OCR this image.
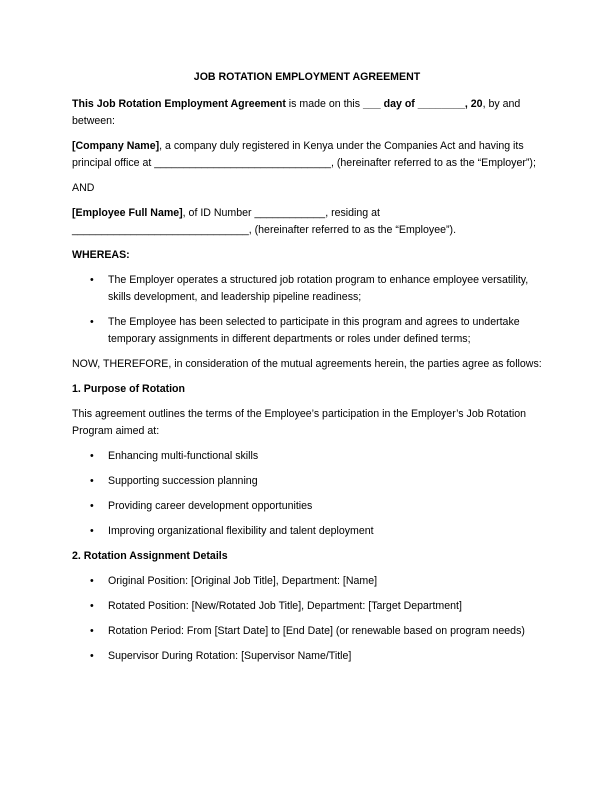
JOB ROTATION EMPLOYMENT AGREEMENT

This Job Rotation Employment Agreement is made on this ___ day of ________, 20, by and between:

[Company Name], a company duly registered in Kenya under the Companies Act and having its principal office at ______________________________, (hereinafter referred to as the “Employer”);

AND

[Employee Full Name], of ID Number ____________, residing at ______________________________, (hereinafter referred to as the “Employee”).

WHEREAS:
• The Employer operates a structured job rotation program to enhance employee versatility, skills development, and leadership pipeline readiness;
• The Employee has been selected to participate in this program and agrees to undertake temporary assignments in different departments or roles under defined terms;

NOW, THEREFORE, in consideration of the mutual agreements herein, the parties agree as follows:

1. Purpose of Rotation

This agreement outlines the terms of the Employee’s participation in the Employer’s Job Rotation Program aimed at:

• Enhancing multi-functional skills
• Supporting succession planning
• Providing career development opportunities
• Improving organizational flexibility and talent deployment
2. Rotation Assignment Details
• Original Position: [Original Job Title], Department: [Name]
• Rotated Position: [New/Rotated Job Title], Department: [Target Department]
• Rotation Period: From [Start Date] to [End Date] (or renewable based on program needs)
• Supervisor During Rotation: [Supervisor Name/Title]
